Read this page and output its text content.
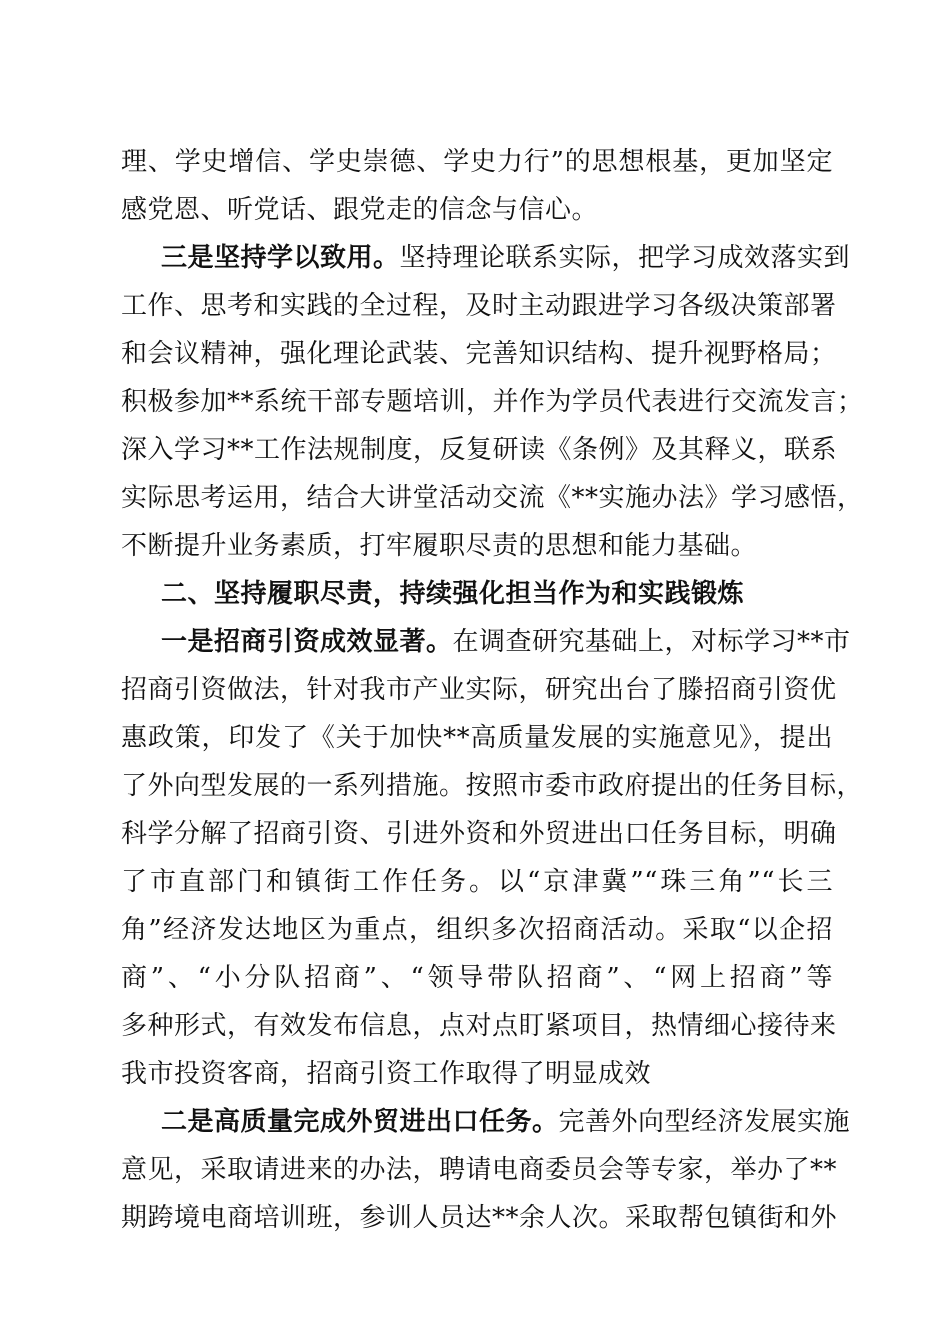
理、学史增信、学史崇德、学史力行”的思想根基，更加坚定
感党恩、听党话、跟党走的信念与信心。
三是坚持学以致用。坚持理论联系实际，把学习成效落实到
工作、思考和实践的全过程，及时主动跟进学习各级决策部署
和会议精神，强化理论武装、完善知识结构、提升视野格局；
积极参加**系统干部专题培训，并作为学员代表进行交流发言；
深入学习**工作法规制度，反复研读《条例》及其释义，联系
实际思考运用，结合大讲堂活动交流《**实施办法》学习感悟，
不断提升业务素质，打牢履职尽责的思想和能力基础。
二、坚持履职尽责，持续强化担当作为和实践锻炼
一是招商引资成效显著。在调查研究基础上，对标学习**市
招商引资做法，针对我市产业实际，研究出台了滕招商引资优
惠政策，印发了《关于加快**高质量发展的实施意见》，提出
了外向型发展的一系列措施。按照市委市政府提出的任务目标，
科学分解了招商引资、引进外资和外贸进出口任务目标，明确
了市直部门和镇街工作任务。以“京津冀”“珠三角”“长三
角”经济发达地区为重点，组织多次招商活动。采取“以企招
商”、“小分队招商”、“领导带队招商”、“网上招商”等
多种形式，有效发布信息，点对点盯紧项目，热情细心接待来
我市投资客商，招商引资工作取得了明显成效
二是高质量完成外贸进出口任务。完善外向型经济发展实施
意见，采取请进来的办法，聘请电商委员会等专家，举办了**
期跨境电商培训班，参训人员达**余人次。采取帮包镇街和外
